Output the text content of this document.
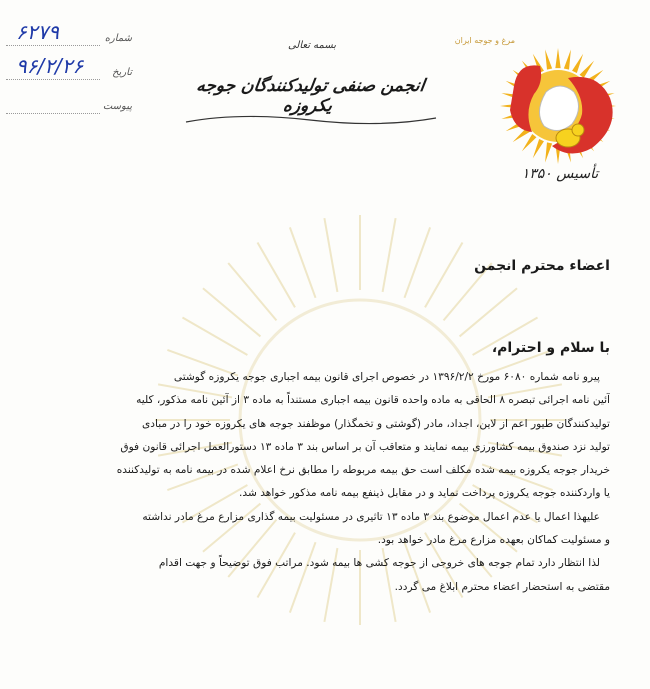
۶۲۷۹	شماره
۹۶/۲/۲۶	تاریخ
پیوست
بسمه تعالی
انجمن صنفی تولیدکنندگان جوجه یکروزه
مرغ و جوجه ایران
تأسیس ۱۳۵۰
اعضاء محترم انجمن
با سلام و احترام،
پیرو نامه شماره ۶۰۸۰ مورخ ۱۳۹۶/۲/۲ در خصوص اجرای قانون بیمه اجباری جوجه یکروزه گوشتی
آئین نامه اجرائی تبصره ۸ الحاقی به ماده واحده قانون بیمه اجباری مستنداً به ماده ۳ از آئین نامه مذکور، کلیه
تولیدکنندگان طیور اعم از لاین، اجداد، مادر (گوشتی و تخمگذار) موظفند جوجه های یکروزه خود را در مبادی
تولید نزد صندوق بیمه کشاورزی بیمه نمایند و متعاقب آن بر اساس بند ۳ ماده ۱۳ دستورالعمل اجرائی قانون فوق
خریدار جوجه یکروزه بیمه شده مکلف است حق بیمه مربوطه را مطابق نرخ اعلام شده در بیمه نامه به تولیدکننده
یا واردکننده جوجه یکروزه پرداخت نماید و در مقابل ذینفع بیمه نامه مذکور خواهد شد.
علیهذا اعمال یا عدم اعمال موضوع بند ۳ ماده ۱۳ تاثیری در مسئولیت بیمه گذاری مزارع مرغ مادر نداشته
و مسئولیت کماکان بعهده مزارع مرغ مادر خواهد بود.
لذا انتظار دارد تمام جوجه های خروجی از جوجه کشی ها بیمه شود. مراتب فوق توضیحاً و جهت اقدام
مقتضی به استحضار اعضاء محترم ابلاغ می گردد.
